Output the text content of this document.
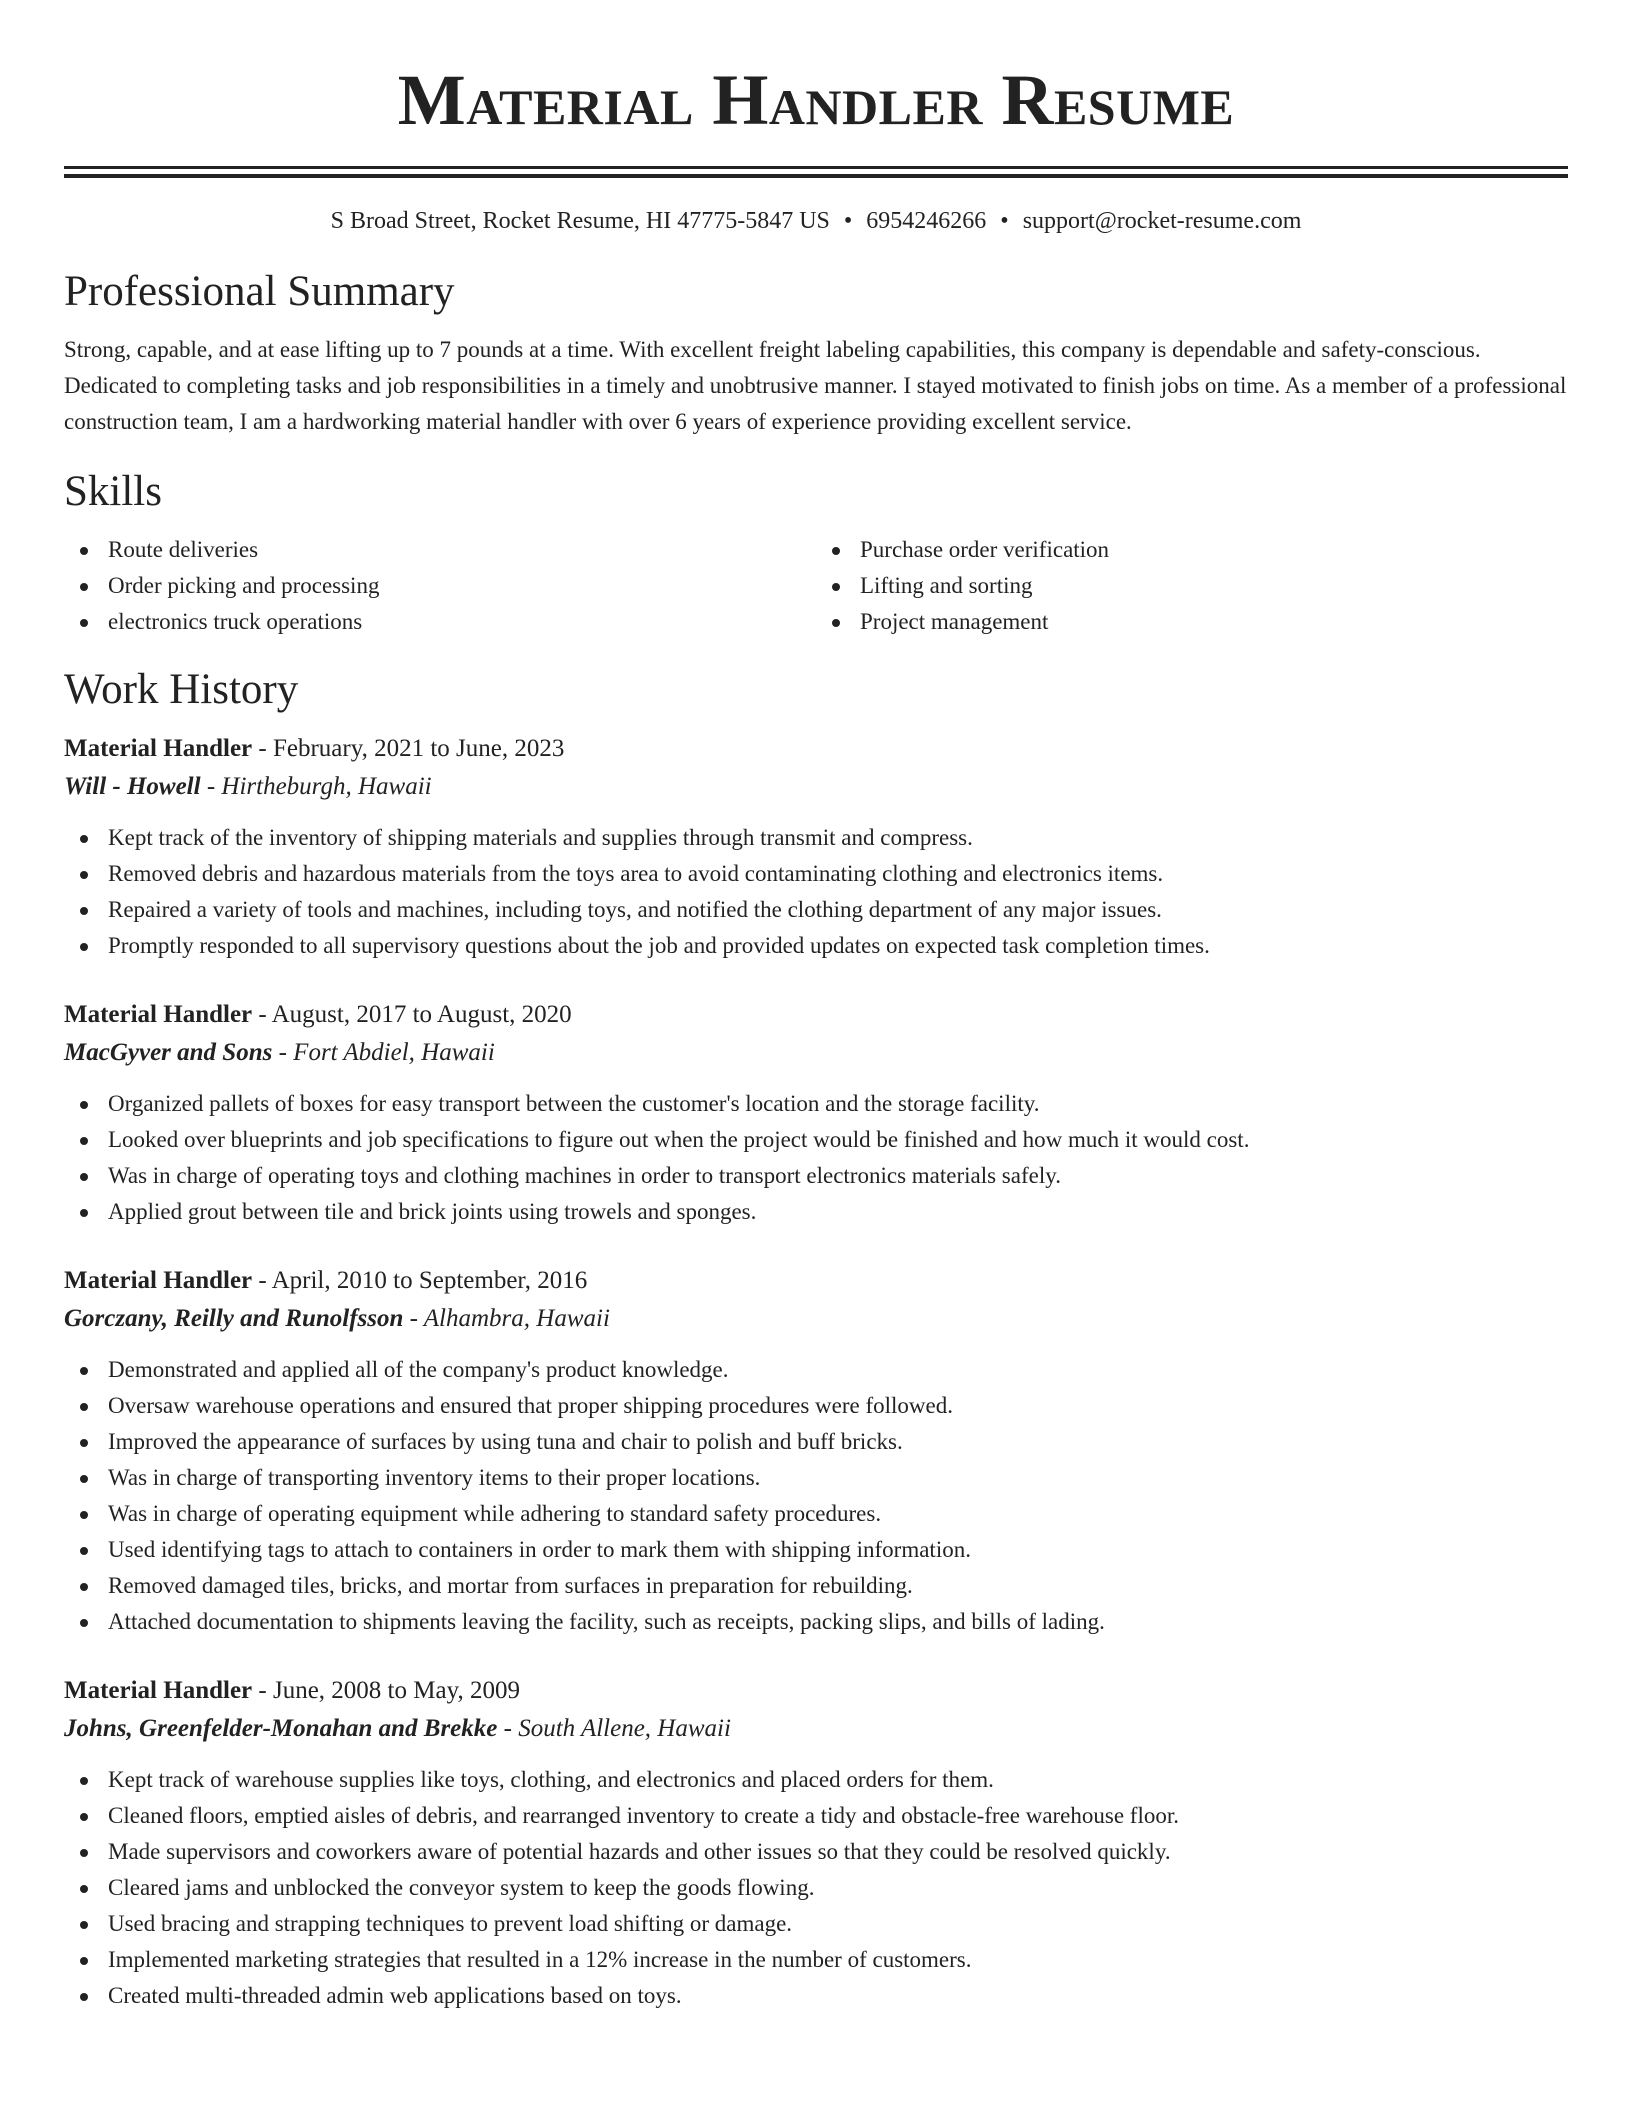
Material Handler Resume
S Broad Street, Rocket Resume, HI 47775-5847 US • 6954246266 • support@rocket-resume.com
Professional Summary

Strong, capable, and at ease lifting up to 7 pounds at a time. With excellent freight labeling capabilities, this company is dependable and safety-conscious. Dedicated to completing tasks and job responsibilities in a timely and unobtrusive manner. I stayed motivated to finish jobs on time. As a member of a professional construction team, I am a hardworking material handler with over 6 years of experience providing excellent service.

Skills
Route deliveries
Order picking and processing
electronics truck operations
Purchase order verification
Lifting and sorting
Project management
Work History
Material Handler - February, 2021 to June, 2023
Will - Howell - Hirtheburgh, Hawaii
Kept track of the inventory of shipping materials and supplies through transmit and compress.
Removed debris and hazardous materials from the toys area to avoid contaminating clothing and electronics items.
Repaired a variety of tools and machines, including toys, and notified the clothing department of any major issues.
Promptly responded to all supervisory questions about the job and provided updates on expected task completion times.
Material Handler - August, 2017 to August, 2020
MacGyver and Sons - Fort Abdiel, Hawaii
Organized pallets of boxes for easy transport between the customer's location and the storage facility.
Looked over blueprints and job specifications to figure out when the project would be finished and how much it would cost.
Was in charge of operating toys and clothing machines in order to transport electronics materials safely.
Applied grout between tile and brick joints using trowels and sponges.
Material Handler - April, 2010 to September, 2016
Gorczany, Reilly and Runolfsson - Alhambra, Hawaii
Demonstrated and applied all of the company's product knowledge.
Oversaw warehouse operations and ensured that proper shipping procedures were followed.
Improved the appearance of surfaces by using tuna and chair to polish and buff bricks.
Was in charge of transporting inventory items to their proper locations.
Was in charge of operating equipment while adhering to standard safety procedures.
Used identifying tags to attach to containers in order to mark them with shipping information.
Removed damaged tiles, bricks, and mortar from surfaces in preparation for rebuilding.
Attached documentation to shipments leaving the facility, such as receipts, packing slips, and bills of lading.
Material Handler - June, 2008 to May, 2009
Johns, Greenfelder-Monahan and Brekke - South Allene, Hawaii
Kept track of warehouse supplies like toys, clothing, and electronics and placed orders for them.
Cleaned floors, emptied aisles of debris, and rearranged inventory to create a tidy and obstacle-free warehouse floor.
Made supervisors and coworkers aware of potential hazards and other issues so that they could be resolved quickly.
Cleared jams and unblocked the conveyor system to keep the goods flowing.
Used bracing and strapping techniques to prevent load shifting or damage.
Implemented marketing strategies that resulted in a 12% increase in the number of customers.
Created multi-threaded admin web applications based on toys.
